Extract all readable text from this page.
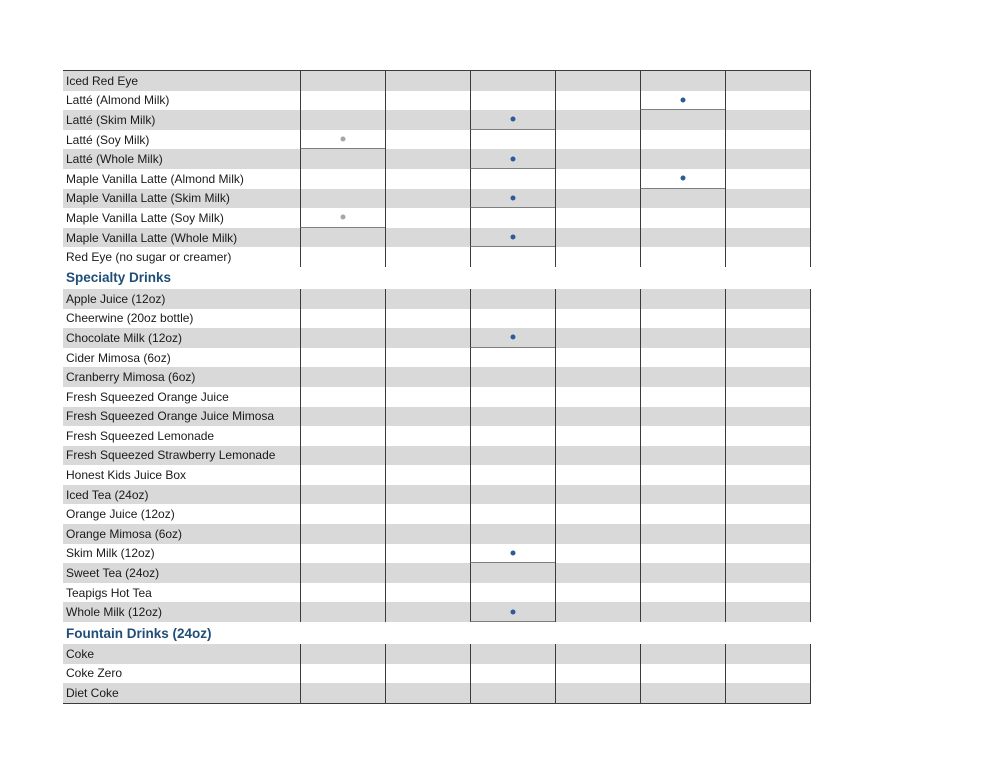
Iced Red Eye
Latté (Almond Milk)
Latté (Skim Milk)
Latté (Soy Milk)
Latté (Whole Milk)
Maple Vanilla Latte (Almond Milk)
Maple Vanilla Latte (Skim Milk)
Maple Vanilla Latte (Soy Milk)
Maple Vanilla Latte (Whole Milk)
Red Eye (no sugar or creamer)
Specialty Drinks
Apple Juice (12oz)
Cheerwine (20oz bottle)
Chocolate Milk (12oz)
Cider Mimosa (6oz)
Cranberry Mimosa (6oz)
Fresh Squeezed Orange Juice
Fresh Squeezed Orange Juice Mimosa
Fresh Squeezed Lemonade
Fresh Squeezed Strawberry Lemonade
Honest Kids Juice Box
Iced Tea (24oz)
Orange Juice (12oz)
Orange Mimosa (6oz)
Skim Milk (12oz)
Sweet Tea (24oz)
Teapigs Hot Tea
Whole Milk (12oz)
Fountain Drinks (24oz)
Coke
Coke Zero
Diet Coke
